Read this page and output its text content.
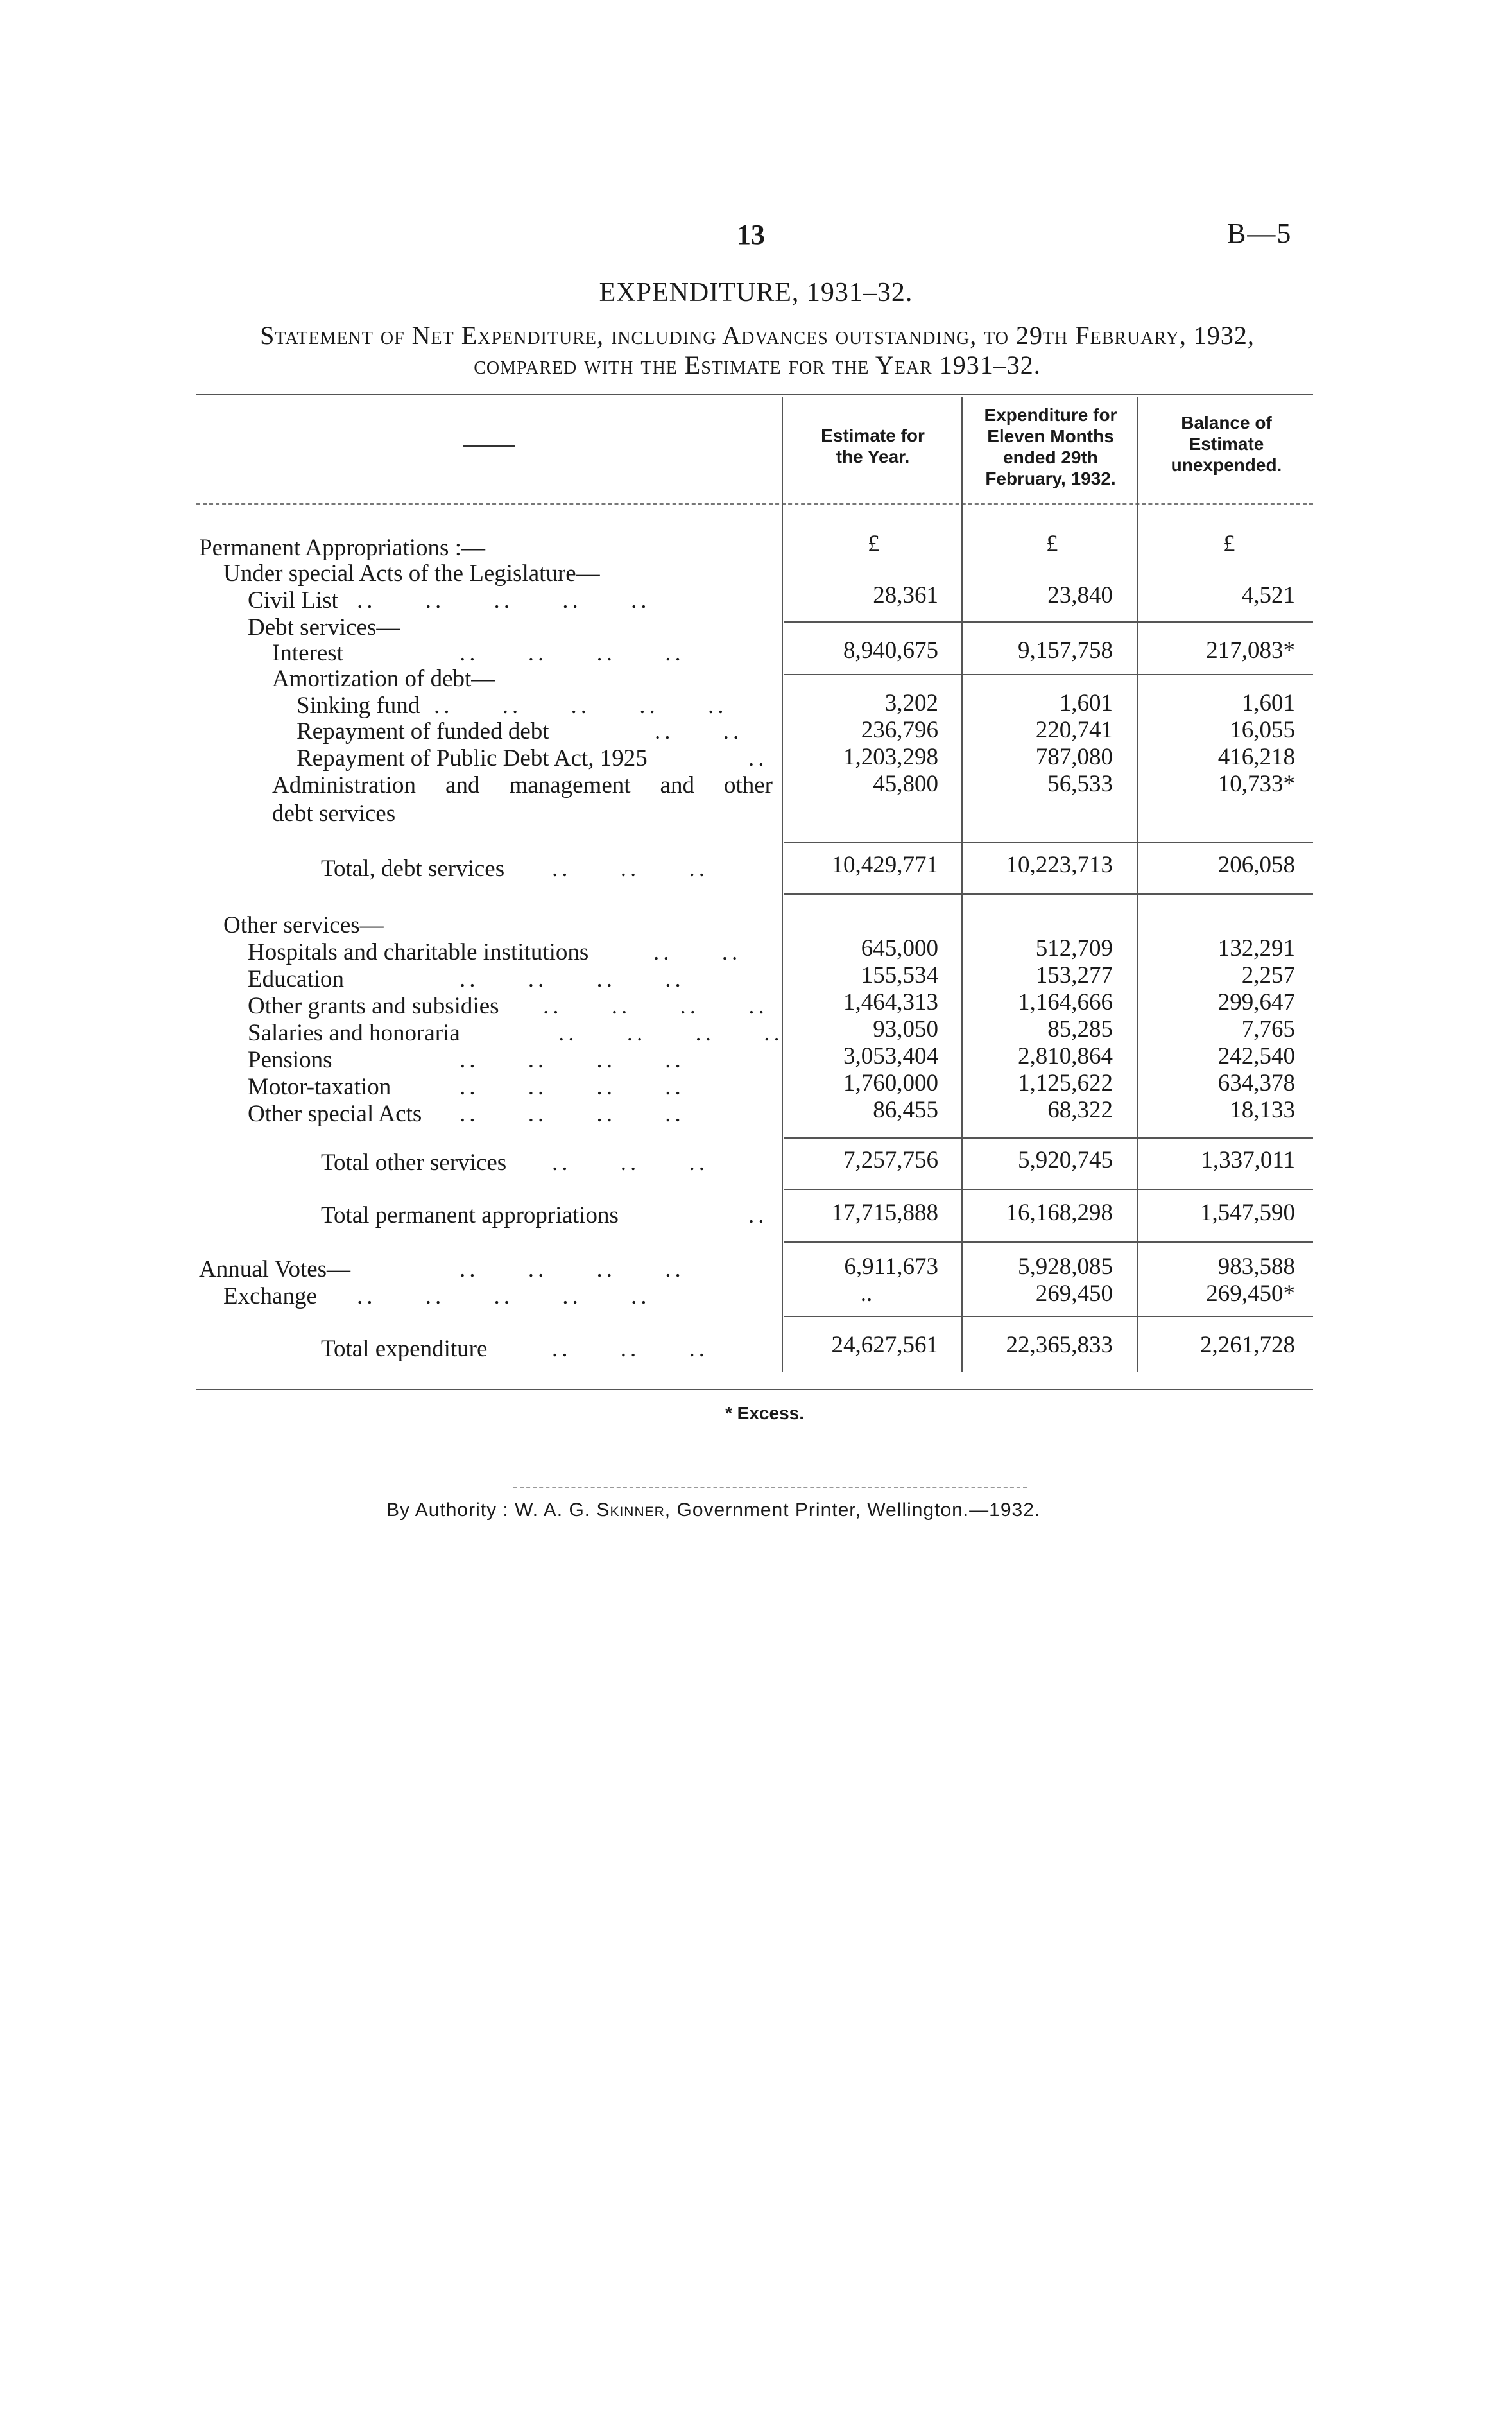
13	B—5
EXPENDITURE, 1931–32.
Statement of Net Expenditure, including Advances outstanding, to 29th February, 1932,
compared with the Estimate for the Year 1931–32.
Estimate for
the Year.
Expenditure for
Eleven Months
ended 29th
February, 1932.
Balance of
Estimate
unexpended.
£	£	£
Permanent Appropriations :—
Under special Acts of the Legislature—
Civil List ..     ..     ..     ..     ..	28,361	23,840	4,521
Debt services—
Interest	..     ..     ..     ..	8,940,675	9,157,758	217,083*
Amortization of debt—
Sinking fund ..     ..     ..     ..     ..	3,202	1,601	1,601
Repayment of funded debt	..     ..	236,796	220,741	16,055
Repayment of Public Debt Act, 1925	..	1,203,298	787,080	416,218
Administration and management and other
debt services
45,800	56,533	10,733*
Total, debt services ..     ..     ..	10,429,771	10,223,713	206,058
Other services—
Hospitals and charitable institutions	..     ..	645,000	512,709	132,291
Education	..     ..     ..     ..	155,534	153,277	2,257
Other grants and subsidies ..     ..     ..     ..	1,464,313	1,164,666	299,647
Salaries and honoraria	..     ..     ..     ..	93,050	85,285	7,765
Pensions	..     ..     ..     ..	3,053,404	2,810,864	242,540
Motor-taxation	..     ..     ..     ..	1,760,000	1,125,622	634,378
Other special Acts ..     ..     ..     ..	86,455	68,322	18,133
Total other services ..     ..     ..	7,257,756	5,920,745	1,337,011
Total permanent appropriations	..	17,715,888	16,168,298	1,547,590
Annual Votes—	..     ..     ..     ..	6,911,673	5,928,085	983,588
Exchange ..     ..     ..     ..     ..	..	269,450	269,450*
Total expenditure	..     ..     ..	24,627,561	22,365,833	2,261,728
* Excess.
By Authority : W. A. G. Skinner, Government Printer, Wellington.—1932.
